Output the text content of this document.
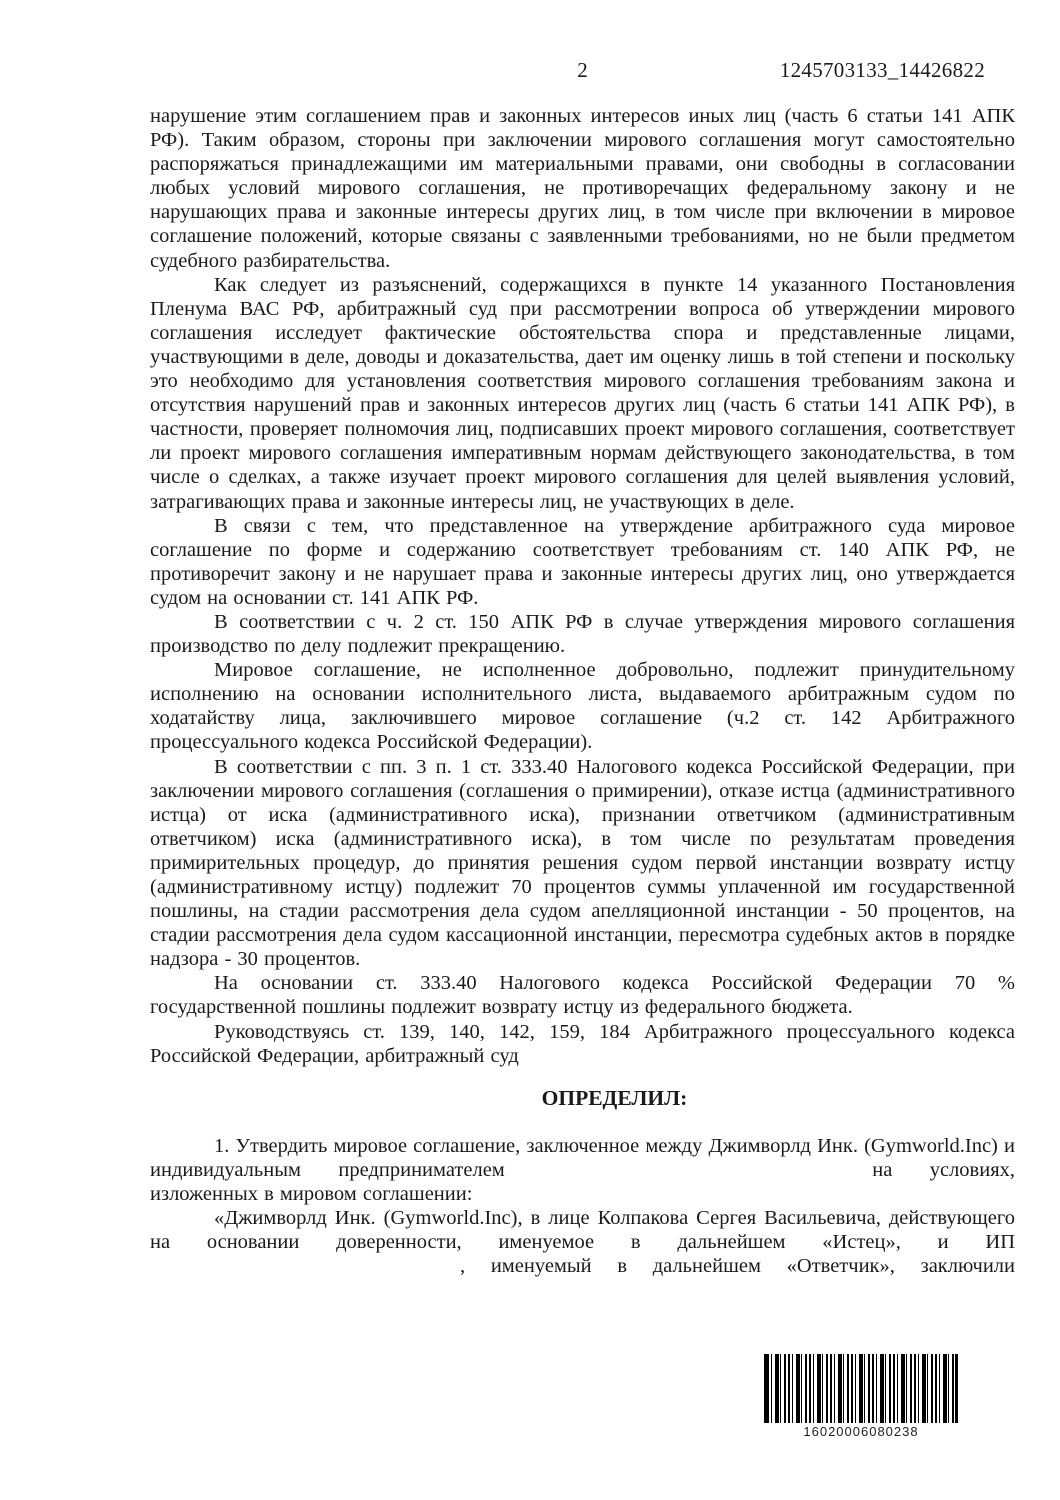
2	1245703133_14426822

нарушение этим соглашением прав и законных интересов иных лиц (часть 6 статьи 141 АПК РФ). Таким образом, стороны при заключении мирового соглашения могут самостоятельно распоряжаться принадлежащими им материальными правами, они свободны в согласовании любых условий мирового соглашения, не противоречащих федеральному закону и не нарушающих права и законные интересы других лиц, в том числе при включении в мировое соглашение положений, которые связаны с заявленными требованиями, но не были предметом судебного разбирательства.

Как следует из разъяснений, содержащихся в пункте 14 указанного Постановления Пленума ВАС РФ, арбитражный суд при рассмотрении вопроса об утверждении мирового соглашения исследует фактические обстоятельства спора и представленные лицами, участвующими в деле, доводы и доказательства, дает им оценку лишь в той степени и поскольку это необходимо для установления соответствия мирового соглашения требованиям закона и отсутствия нарушений прав и законных интересов других лиц (часть 6 статьи 141 АПК РФ), в частности, проверяет полномочия лиц, подписавших проект мирового соглашения, соответствует ли проект мирового соглашения императивным нормам действующего законодательства, в том числе о сделках, а также изучает проект мирового соглашения для целей выявления условий, затрагивающих права и законные интересы лиц, не участвующих в деле.

В связи с тем, что представленное на утверждение арбитражного суда мировое соглашение по форме и содержанию соответствует требованиям ст. 140 АПК РФ, не противоречит закону и не нарушает права и законные интересы других лиц, оно утверждается судом на основании ст. 141 АПК РФ.

В соответствии с ч. 2 ст. 150 АПК РФ в случае утверждения мирового соглашения производство по делу подлежит прекращению.

Мировое соглашение, не исполненное добровольно, подлежит принудительному исполнению на основании исполнительного листа, выдаваемого арбитражным судом по ходатайству лица, заключившего мировое соглашение (ч.2 ст. 142 Арбитражного процессуального кодекса Российской Федерации).

В соответствии с пп. 3 п. 1 ст. 333.40 Налогового кодекса Российской Федерации, при заключении мирового соглашения (соглашения о примирении), отказе истца (административного истца) от иска (административного иска), признании ответчиком (административным ответчиком) иска (административного иска), в том числе по результатам проведения примирительных процедур, до принятия решения судом первой инстанции возврату истцу (административному истцу) подлежит 70 процентов суммы уплаченной им государственной пошлины, на стадии рассмотрения дела судом апелляционной инстанции - 50 процентов, на стадии рассмотрения дела судом кассационной инстанции, пересмотра судебных актов в порядке надзора - 30 процентов.

На основании ст. 333.40 Налогового кодекса Российской Федерации 70 % государственной пошлины подлежит возврату истцу из федерального бюджета.

Руководствуясь ст. 139, 140, 142, 159, 184 Арбитражного процессуального кодекса Российской Федерации, арбитражный суд

ОПРЕДЕЛИЛ:

1. Утвердить мировое соглашение, заключенное между Джимворлд Инк. (Gymworld.Inc) и индивидуальным предпринимателем	на условиях, изложенных в мировом соглашении:

«Джимворлд Инк. (Gymworld.Inc), в лице Колпакова Сергея Васильевича, действующего на основании доверенности, именуемое в дальнейшем «Истец», и ИП , именуемый в дальнейшем «Ответчик», заключили

16020006080238
